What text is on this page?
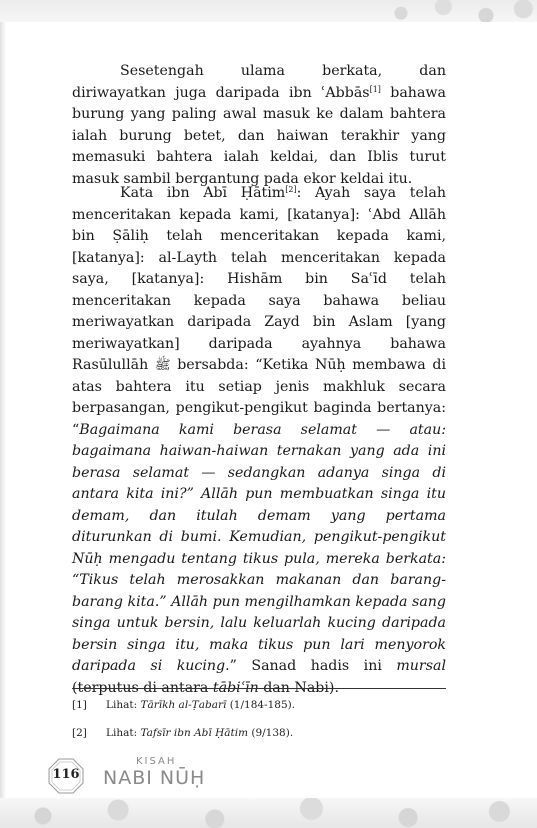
Sesetengah ulama berkata, dan diriwayatkan juga daripada ibn ʿAbbās[1] bahawa burung yang paling awal masuk ke dalam bahtera ialah burung betet, dan haiwan terakhir yang memasuki bahtera ialah keldai, dan Iblis turut masuk sambil bergantung pada ekor keldai itu.

Kata ibn Abī Ḥātim[2]: Ayah saya telah menceritakan kepada kami, [katanya]: ʿAbd Allāh bin Ṣāliḥ telah menceritakan kepada kami, [katanya]: al-Layth telah menceritakan kepada saya, [katanya]: Hishām bin Saʿīd telah menceritakan kepada saya bahawa beliau meriwayatkan daripada Zayd bin Aslam [yang meriwayatkan] daripada ayahnya bahawa Rasūlullāh ﷺ bersabda: “Ketika Nūḥ membawa di atas bahtera itu setiap jenis makhluk secara berpasangan, pengikut-pengikut baginda bertanya: “Bagaimana kami berasa selamat — atau: bagaimana haiwan-haiwan ternakan yang ada ini berasa selamat — sedangkan adanya singa di antara kita ini?” Allāh pun membuatkan singa itu demam, dan itulah demam yang pertama diturunkan di bumi. Kemudian, pengikut-pengikut Nūḥ mengadu tentang tikus pula, mereka berkata: “Tikus telah merosakkan makanan dan barang-barang kita.” Allāh pun mengilhamkan kepada sang singa untuk bersin, lalu keluarlah kucing daripada bersin singa itu, maka tikus pun lari menyorok daripada si kucing.” Sanad hadis ini mursal (terputus di antara tābiʿīn dan Nabi).

[1] Lihat: Tārīkh al-Ṭabarī (1/184-185).
[2] Lihat: Tafsīr ibn Abī Ḥātim (9/138).
116
KISAH
NABI NŪḤ
